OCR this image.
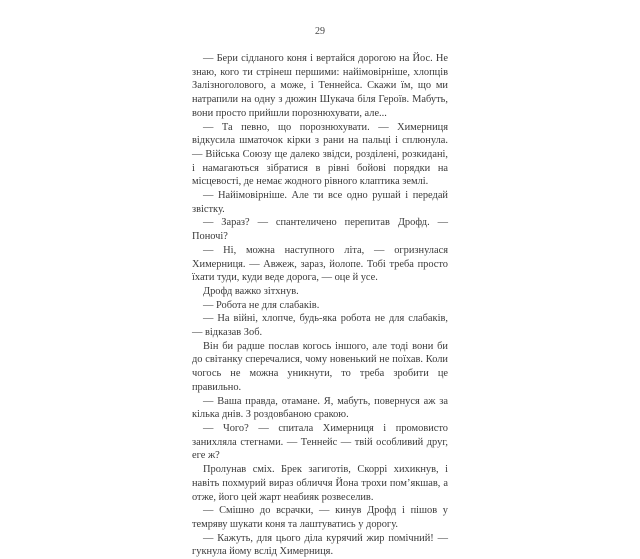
29

— Бери сідланого коня і вертайся дорогою на Йос. Не знаю, кого ти стрінеш першими: найімовірніше, хлопців Залізноголового, а може, і Теннейса. Скажи їм, що ми натрапили на одну з дюжин Шукача біля Героїв. Мабуть, вони просто прийшли порознюхувати, але...

— Та певно, що порознюхувати. — Химерниця відкусила шматочок кірки з рани на пальці і сплюнула. — Війська Союзу ще далеко звідси, розділені, розкидані, і намагаються зібратися в рівні бойові порядки на місцевості, де немає жодного рівного клаптика землі.

— Найімовірніше. Але ти все одно рушай і передай звістку.

— Зараз? — спантеличено перепитав Дрофд. — Поночі?

— Ні, можна наступного літа, — огризнулася Химерниця. — Авжеж, зараз, йолопе. Тобі треба просто їхати туди, куди веде дорога, — оце й усе.

Дрофд важко зітхнув.

— Робота не для слабаків.

— На війні, хлопче, будь-яка робота не для слабаків, — відказав Зоб.

Він би радше послав когось іншого, але тоді вони би до світанку сперечалися, чому новенький не поїхав. Коли чогось не можна уникнути, то треба зробити це правильно.

— Ваша правда, отамане. Я, мабуть, повернуся аж за кілька днів. З роздовбаною сракою.

— Чого? — спитала Химерниця і промовисто занихляла стегнами. — Теннейс — твій особливий друг, еге ж?

Пролунав сміх. Брек загиготів, Скоррі хихикнув, і навіть похмурий вираз обличчя Йона трохи пом’якшав, а отже, його цей жарт неабияк розвеселив.

— Смішно до всрачки, — кинув Дрофд і пішов у темряву шукати коня та лаштуватись у дорогу.

— Кажуть, для цього діла курячий жир помічний! — гукнула йому вслід Химерниця.
